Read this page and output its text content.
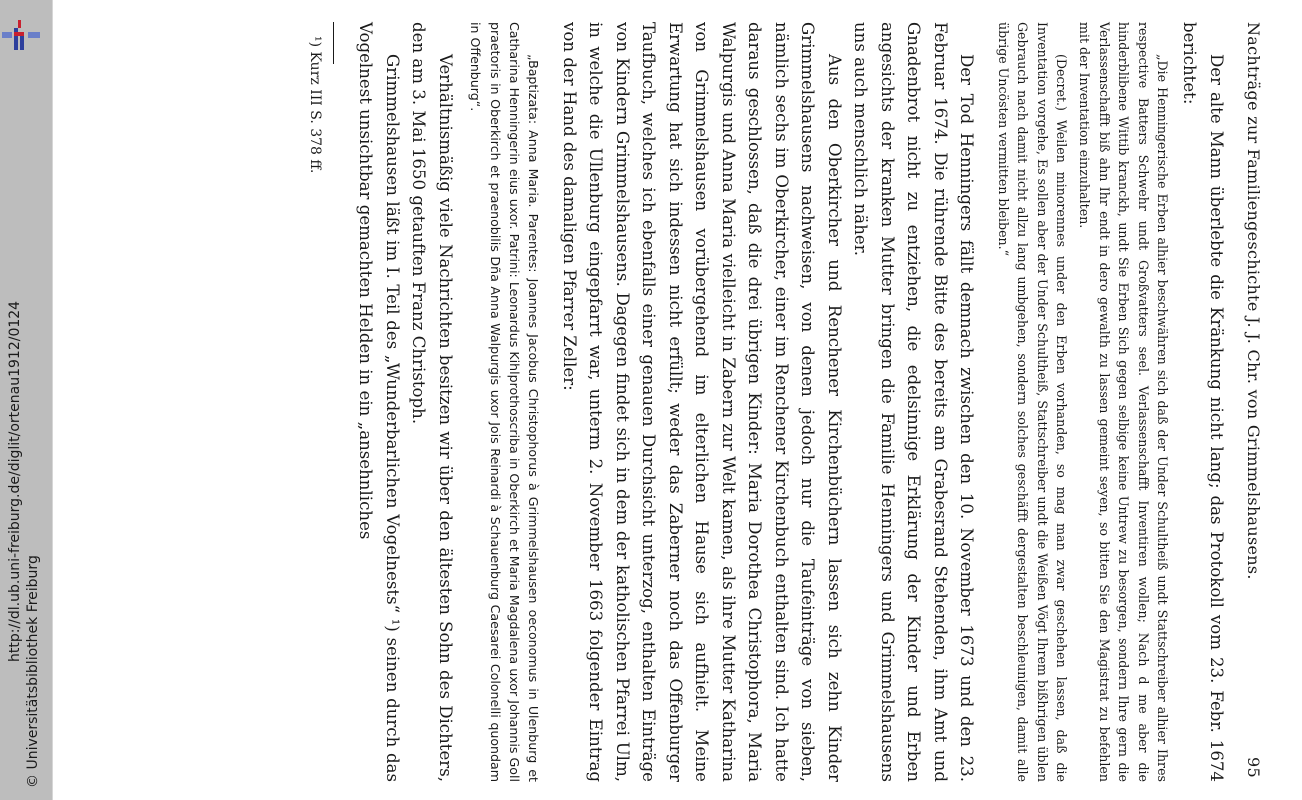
http://dl.ub.uni-freiburg.de/diglit/ortenau1912/0124
© Universitätsbibliothek Freiburg
Nachträge zur Familiengeschichte J. J. Chr. von Grimmelshausens.
95

Der alte Mann überlebte die Kränkung nicht lang; das Protokoll vom 23. Febr. 1674 berichtet:

„Die Henningerische Erben alhier beschwähren sich daß der Under Schultheiß undt Stattschreiber alhier Ihres respective Batters Schwehr undt Großvatters seel. Verlassenschafft Inventiren wollen; Nach d me aber die hinderblibene Wittib kranckh, undt Sie Erben Sich gegen selbige keine Untrew zu besorgen, sondern Ihre gern die Verlassenschafft biß ahn Ihr endt in dero gewalth zu lassen gemeint seyen, so bitten Sie den Magistrat zu befehlen mit der Inventation einzuhalten.

(Decret.) Weilen minorennes under den Erben vorhanden, so mag man zwar geschehen lassen, daß die Inventation vorgehe, Es sollen aber der Under Schultheiß, Stattschreiber undt die Weißen Vögt Ihrem bißhrigen üblen Gebrauch nach damit nicht allzu lang umbgehen, sondern solches geschäfft dergestalten beschleunigen, damit alle übrige Uncösten vermitten bleiben.“

Der Tod Henningers fällt demnach zwischen den 10. November 1673 und den 23. Februar 1674. Die rührende Bitte des bereits am Grabesrand Stehenden, ihm Amt und Gnadenbrot nicht zu entziehen, die edelsinnige Erklärung der Kinder und Erben angesichts der kranken Mutter bringen die Familie Henningers und Grimmelshausens uns auch menschlich näher.

Aus den Oberkircher und Renchener Kirchenbüchern lassen sich zehn Kinder Grimmelshausens nachweisen, von denen jedoch nur die Taufeinträge von sieben, nämlich sechs im Oberkircher, einer im Renchener Kirchenbuch enthalten sind. Ich hatte daraus geschlossen, daß die drei übrigen Kinder: Maria Dorothea Christophora, Maria Walpurgis und Anna Maria vielleicht in Zabern zur Welt kamen, als ihre Mutter Katharina von Grimmelshausen vorübergehend im elterlichen Hause sich aufhielt. Meine Erwartung hat sich indessen nicht erfüllt; weder das Zaberner noch das Offenburger Taufbuch, welches ich ebenfalls einer genauen Durchsicht unterzog, enthalten Einträge von Kindern Grimmelshausens. Dagegen findet sich in dem der katholischen Pfarrei Ulm, in welche die Ullenburg eingepfarrt war, unterm 2. November 1663 folgender Eintrag von der Hand des damaligen Pfarrer Zeller:

„Baptizata: Anna Maria. Parentes: Joannes Jacobus Christophorus à Grimmelshausen oeconomus in Ulenburg et Catharina Henningerin eius uxor. Patrini: Leonardus Kihlprothoscriba in Oberkirch et Maria Magdalena uxor Johannis Goll praetoris in Oberkirch et praenobilis Dña Anna Walpurgis uxor Jois Reinardi à Schauenburg Caesarei Colonelli quondam in Offenburg“.

Verhältnismäßig viele Nachrichten besitzen wir über den ältesten Sohn des Dichters, den am 3. Mai 1650 getauften Franz Christoph.

Grimmelshausen läßt im I. Teil des „Wunderbarlichen Vogelnests“ ¹) seinen durch das Vogelnest unsichtbar gemachten Helden in ein „ansehnliches

¹) Kurz III S. 378 ff.
